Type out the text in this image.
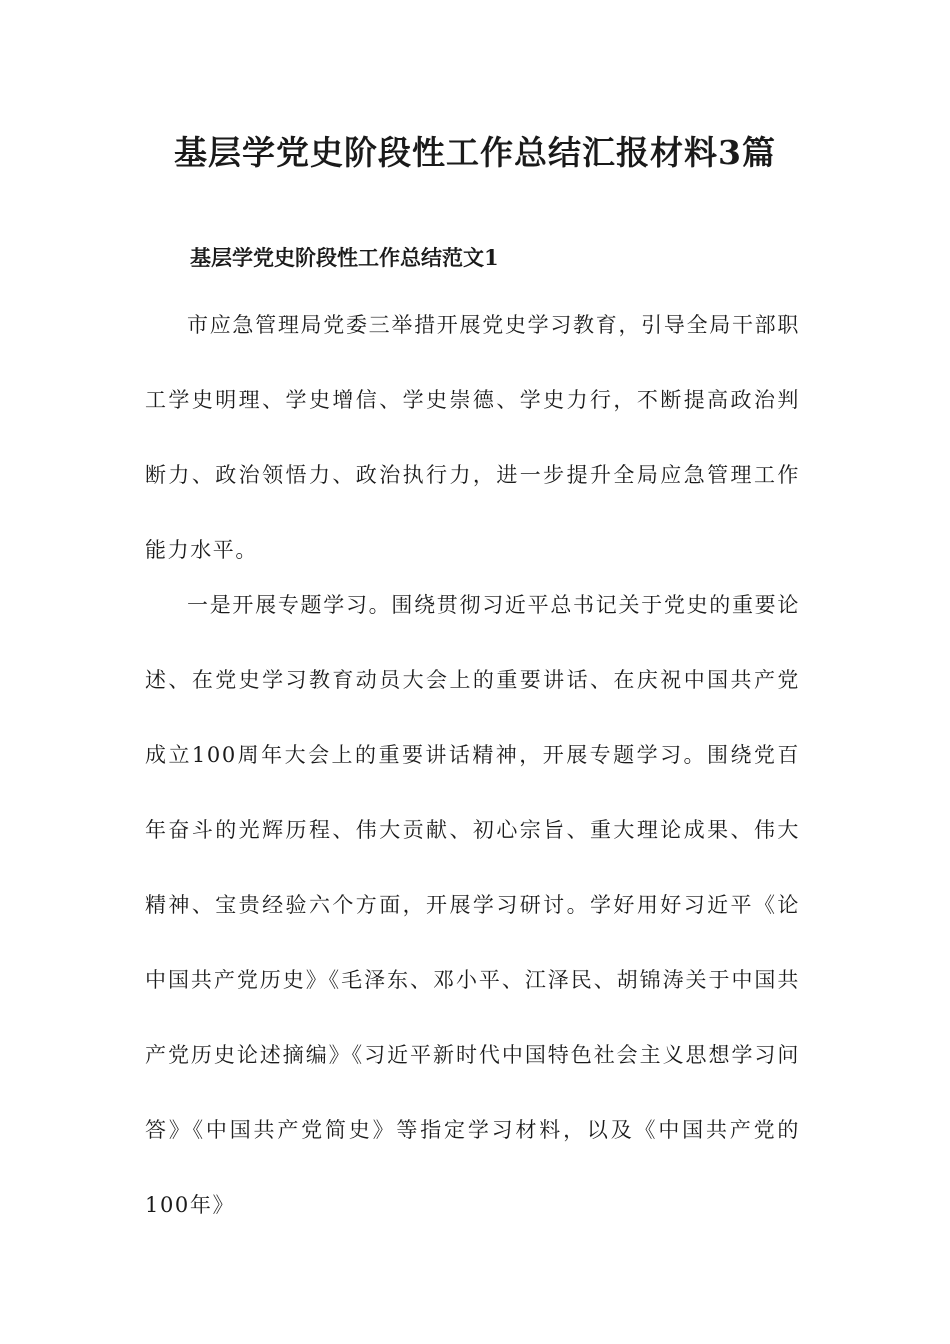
基层学党史阶段性工作总结汇报材料3篇
基层学党史阶段性工作总结范文1

市应急管理局党委三举措开展党史学习教育，引导全局干部职工学史明理、学史增信、学史崇德、学史力行，不断提高政治判断力、政治领悟力、政治执行力，进一步提升全局应急管理工作能力水平。

一是开展专题学习。围绕贯彻习近平总书记关于党史的重要论述、在党史学习教育动员大会上的重要讲话、在庆祝中国共产党成立100周年大会上的重要讲话精神，开展专题学习。围绕党百年奋斗的光辉历程、伟大贡献、初心宗旨、重大理论成果、伟大精神、宝贵经验六个方面，开展学习研讨。学好用好习近平《论中国共产党历史》《毛泽东、邓小平、江泽民、胡锦涛关于中国共产党历史论述摘编》《习近平新时代中国特色社会主义思想学习问答》《中国共产党简史》等指定学习材料，以及《中国共产党的100年》
